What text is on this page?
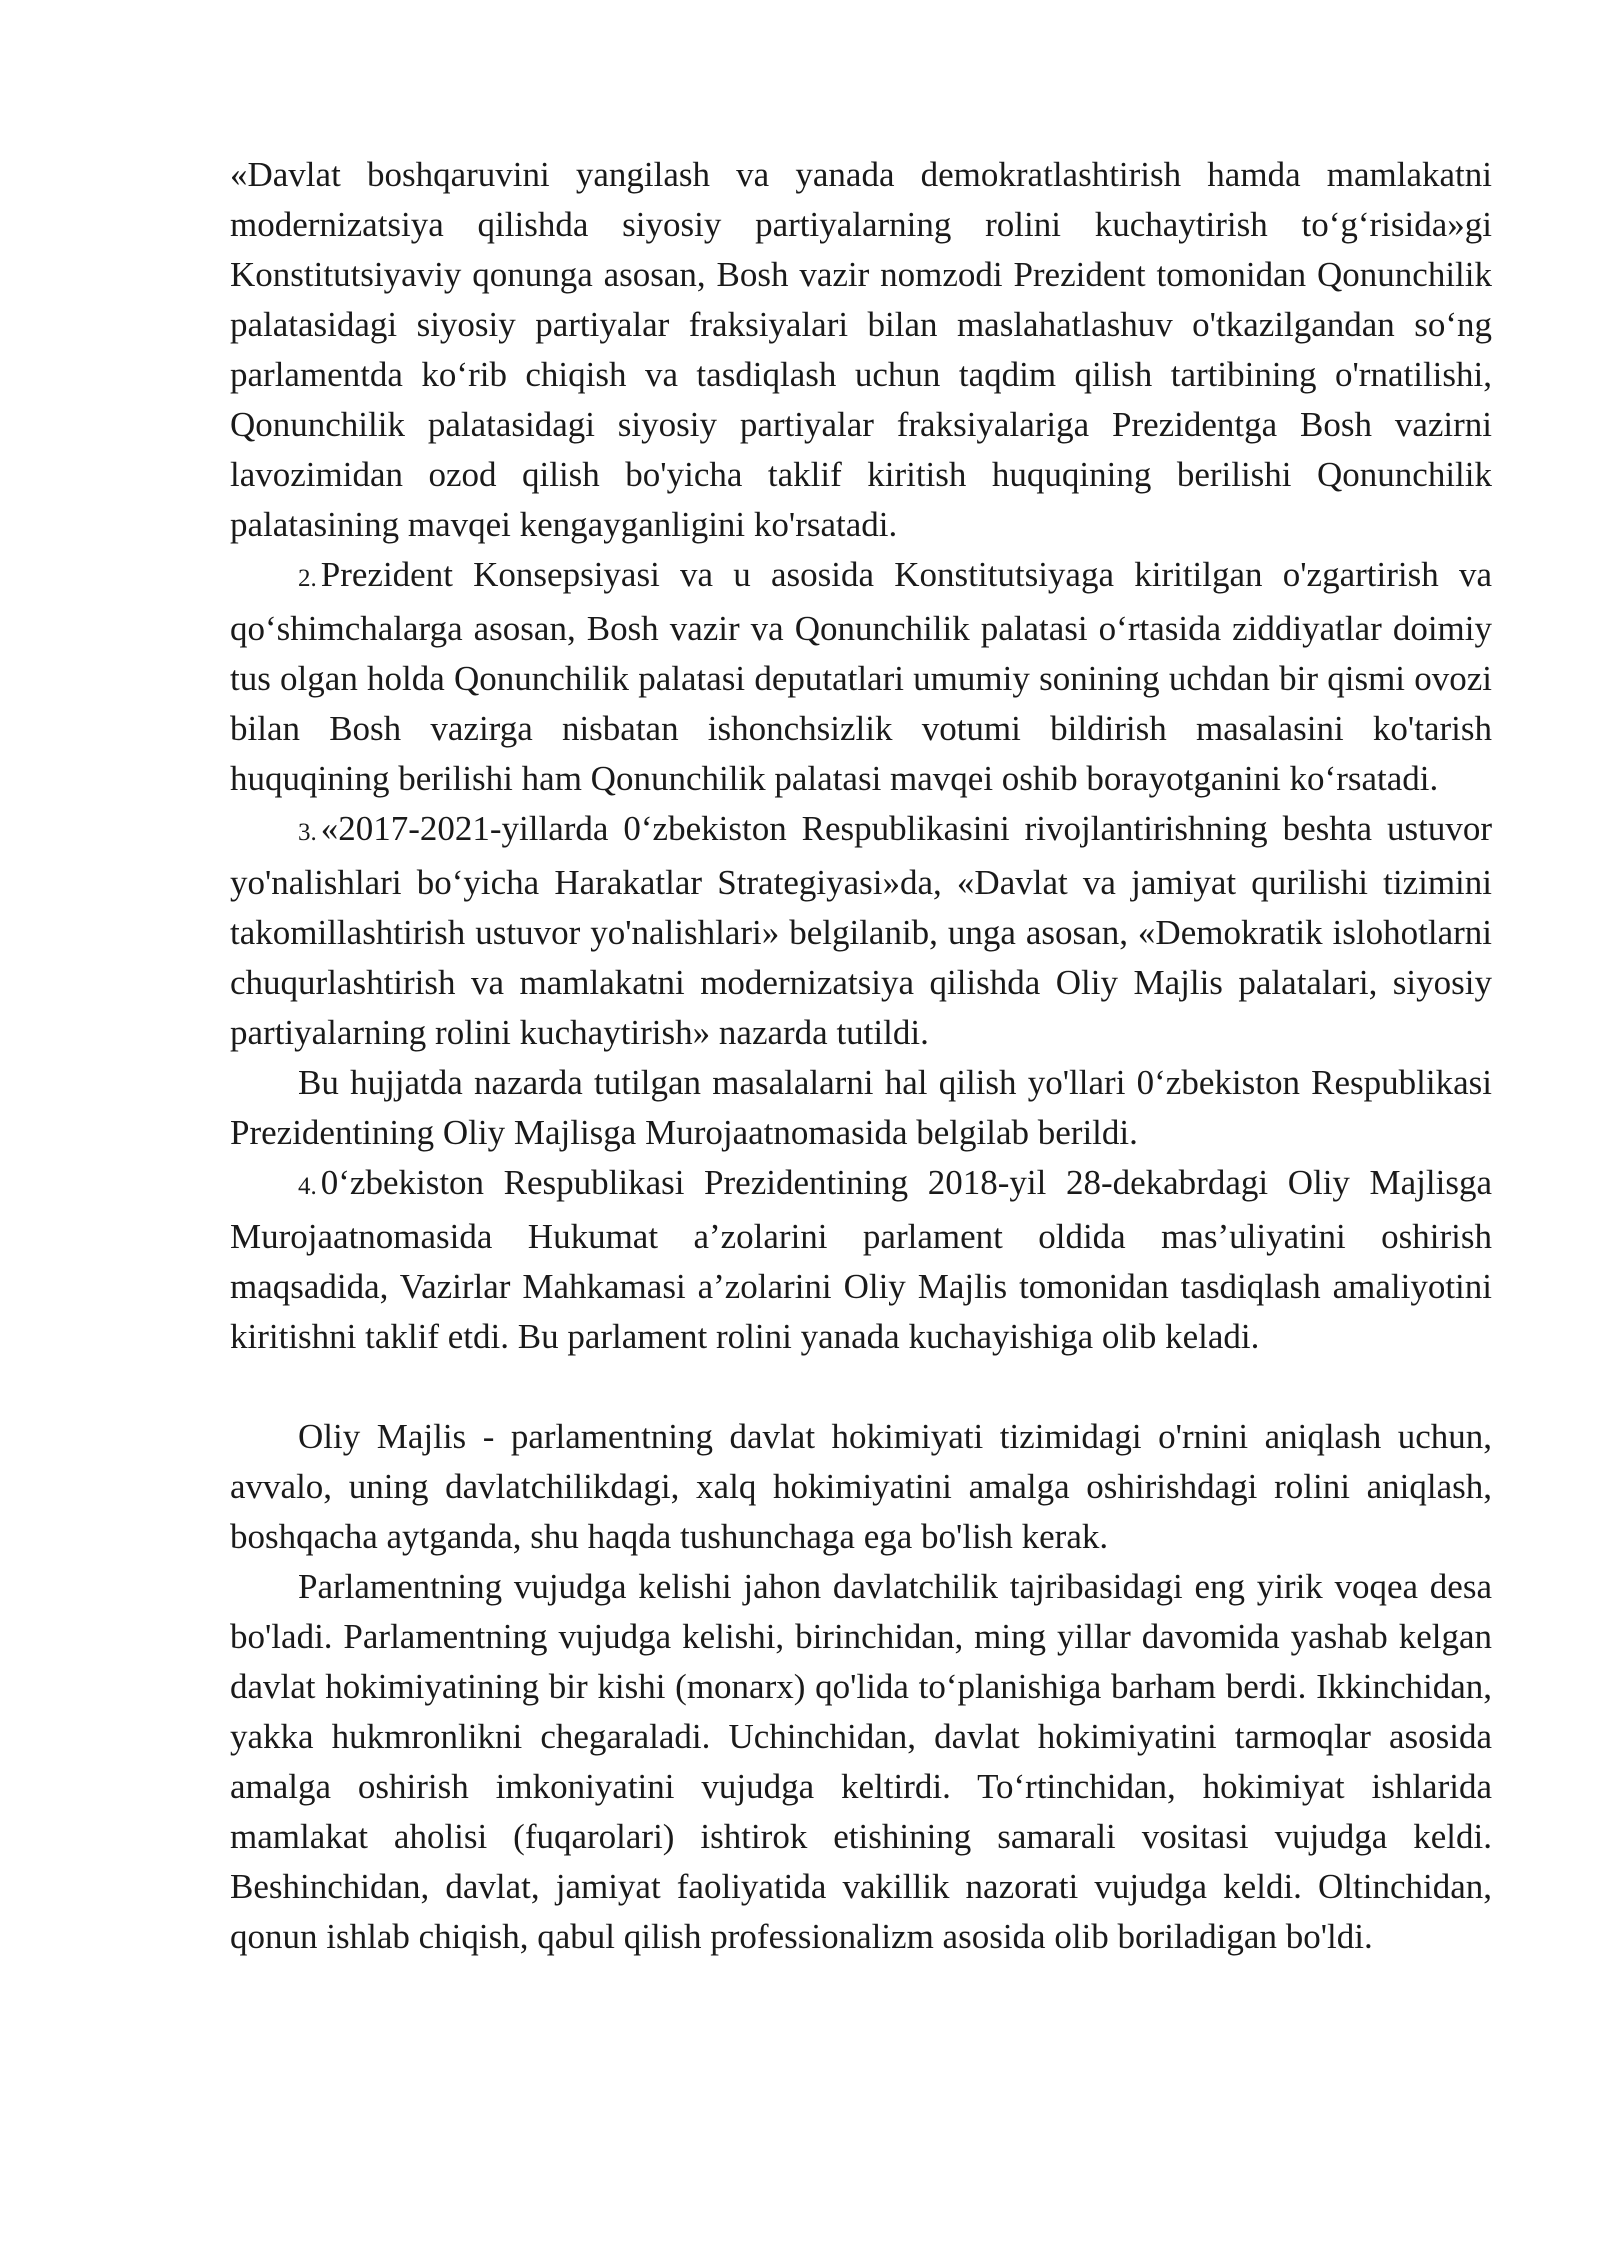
«Davlat boshqaruvini yangilash va yanada demokratlashtirish hamda mamlakatni modernizatsiya qilishda siyosiy partiyalarning rolini kuchaytirish to‘g‘risida»gi Konstitutsiyaviy qonunga asosan, Bosh vazir nomzodi Prezident tomonidan Qonunchilik palatasidagi siyosiy partiyalar fraksiyalari bilan maslahatlashuv o'tkazilgandan so‘ng parlamentda ko‘rib chiqish va tasdiqlash uchun taqdim qilish tartibining o'rnatilishi, Qonunchilik palatasidagi siyosiy partiyalar fraksiyalariga Prezidentga Bosh vazirni lavozimidan ozod qilish bo'yicha taklif kiritish huquqining berilishi Qonunchilik palatasining mavqei kengayganligini ko'rsatadi.

2. Prezident Konsepsiyasi va u asosida Konstitutsiyaga kiritilgan o'zgartirish va qo‘shimchalarga asosan, Bosh vazir va Qonunchilik palatasi o‘rtasida ziddiyatlar doimiy tus olgan holda Qonunchilik palatasi deputatlari umumiy sonining uchdan bir qismi ovozi bilan Bosh vazirga nisbatan ishonchsizlik votumi bildirish masalasini ko'tarish huquqining berilishi ham Qonunchilik palatasi mavqei oshib borayotganini ko‘rsatadi.

3. «2017-2021-yillarda 0‘zbekiston Respublikasini rivojlantirishning beshta ustuvor yo'nalishlari bo‘yicha Harakatlar Strategiyasi»da, «Davlat va jamiyat qurilishi tizimini takomillashtirish ustuvor yo'nalishlari» belgilanib, unga asosan, «Demokratik islohotlarni chuqurlashtirish va mamlakatni modernizatsiya qilishda Oliy Majlis palatalari, siyosiy partiyalarning rolini kuchaytirish» nazarda tutildi.

Bu hujjatda nazarda tutilgan masalalarni hal qilish yo'llari 0‘zbekiston Respublikasi Prezidentining Oliy Majlisga Murojaatnomasida belgilab berildi.

4. 0‘zbekiston Respublikasi Prezidentining 2018-yil 28-dekabrdagi Oliy Majlisga Murojaatnomasida Hukumat a’zolarini parlament oldida mas’uliyatini oshirish maqsadida, Vazirlar Mahkamasi a’zolarini Oliy Majlis tomonidan tasdiqlash amaliyotini kiritishni taklif etdi. Bu parlament rolini yanada kuchayishiga olib keladi.

Oliy Majlis - parlamentning davlat hokimiyati tizimidagi o'rnini aniqlash uchun, avvalo, uning davlatchilikdagi, xalq hokimiyatini amalga oshirishdagi rolini aniqlash, boshqacha aytganda, shu haqda tushunchaga ega bo'lish kerak.

Parlamentning vujudga kelishi jahon davlatchilik tajribasidagi eng yirik voqea desa bo'ladi. Parlamentning vujudga kelishi, birinchidan, ming yillar davomida yashab kelgan davlat hokimiyatining bir kishi (monarx) qo'lida to‘planishiga barham berdi. Ikkinchidan, yakka hukmronlikni chegaraladi. Uchinchidan, davlat hokimiyatini tarmoqlar asosida amalga oshirish imkoniyatini vujudga keltirdi. To‘rtinchidan, hokimiyat ishlarida mamlakat aholisi (fuqarolari) ishtirok etishining samarali vositasi vujudga keldi. Beshinchidan, davlat, jamiyat faoliyatida vakillik nazorati vujudga keldi. Oltinchidan, qonun ishlab chiqish, qabul qilish professionalizm asosida olib boriladigan bo'ldi.
